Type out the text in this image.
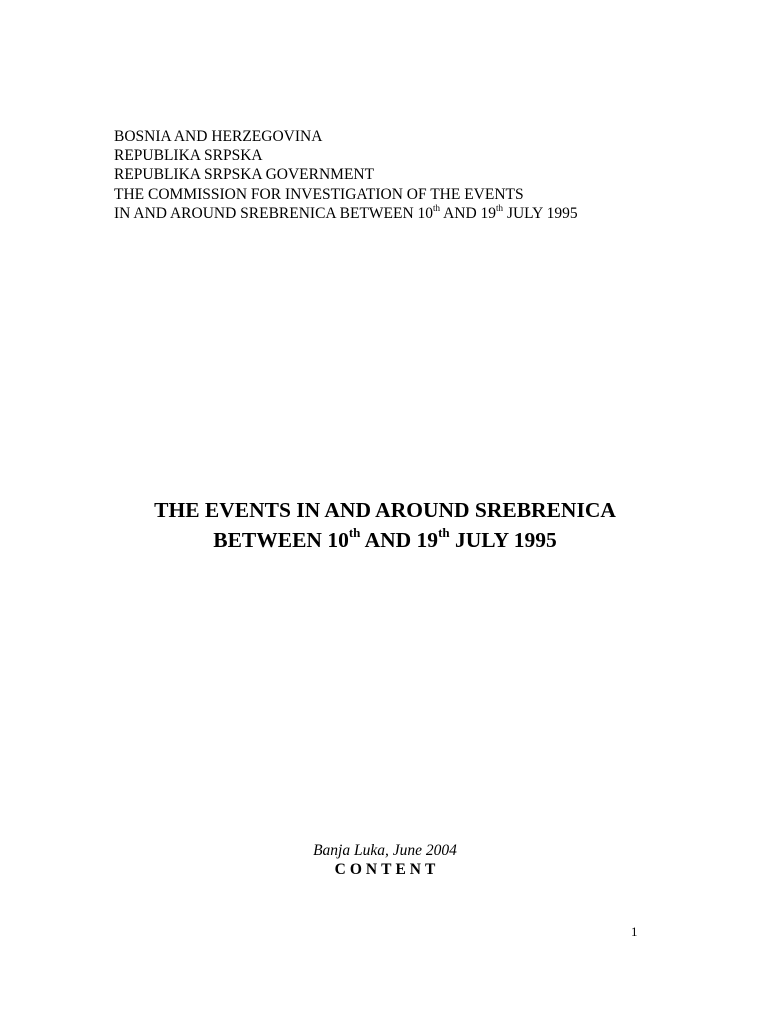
BOSNIA AND HERZEGOVINA
REPUBLIKA SRPSKA
REPUBLIKA SRPSKA GOVERNMENT
THE COMMISSION FOR INVESTIGATION OF THE EVENTS
IN AND AROUND SREBRENICA BETWEEN 10th AND 19th JULY 1995
THE EVENTS IN AND AROUND SREBRENICA
BETWEEN 10th AND 19th JULY 1995
Banja Luka, June 2004
CONTENT
1
